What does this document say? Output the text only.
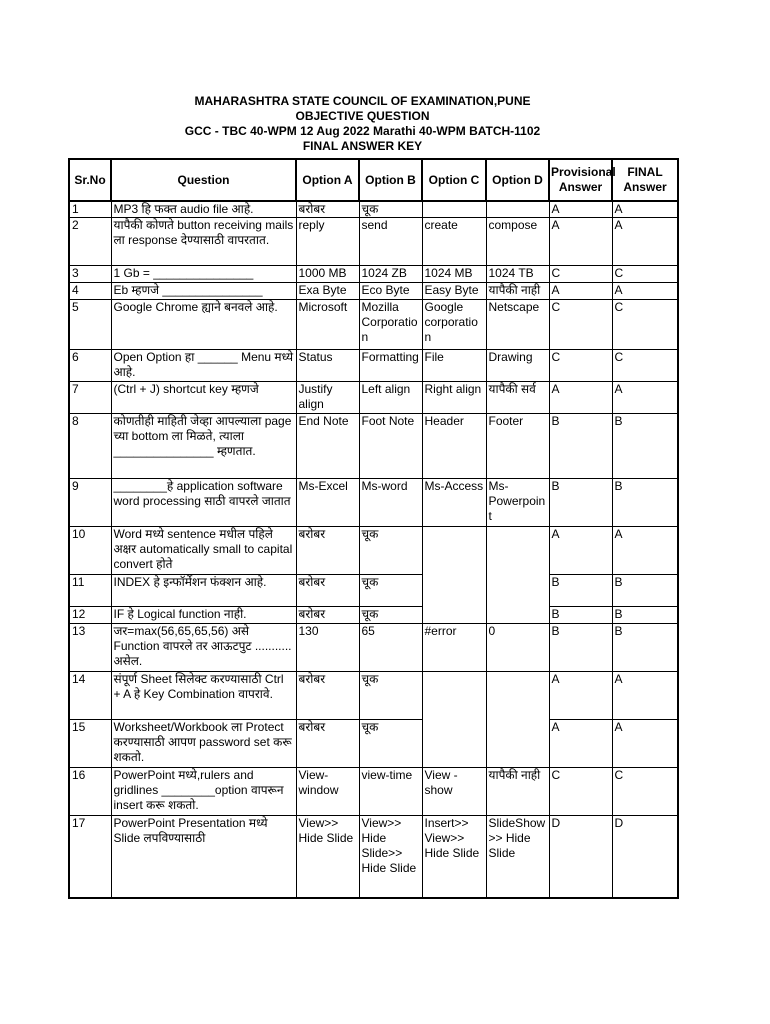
MAHARASHTRA STATE COUNCIL OF EXAMINATION,PUNE
OBJECTIVE QUESTION
GCC - TBC 40-WPM 12 Aug 2022 Marathi 40-WPM BATCH-1102
FINAL ANSWER KEY
Sr.No	Question	Option A	Option B	Option C	Option D	Provisional Answer	FINAL Answer
1	MP3 हि फक्त audio file आहे.	बरोबर	चूक			A	A
2	यापैकी कोणते button receiving mails ला response देण्यासाठी वापरतात.	reply	send	create	compose	A	A
3	1 Gb = _______________	1000 MB	1024 ZB	1024 MB	1024 TB	C	C
4	Eb म्हणजे _______________	Exa Byte	Eco Byte	Easy Byte	यापैकी नाही	A	A
5	Google Chrome ह्याने बनवले आहे.	Microsoft	Mozilla Corporation	Google corporation	Netscape	C	C
6	Open Option हा ______ Menu मध्ये आहे.	Status	Formatting	File	Drawing	C	C
7	(Ctrl + J) shortcut key म्हणजे	Justify align	Left align	Right align	यापैकी सर्व	A	A
8	कोणतीही माहिती जेव्हा आपल्याला page च्या bottom ला मिळते, त्याला _______________ म्हणतात.	End Note	Foot Note	Header	Footer	B	B
9	________हे application software word processing साठी वापरले जातात	Ms-Excel	Ms-word	Ms-Access	Ms-Powerpoint	B	B
10	Word मध्ये sentence मधील पहिले अक्षर automatically small to capital convert होते	बरोबर	चूक			A	A
11	INDEX हे इन्फॉर्मेशन फंक्शन आहे.	बरोबर	चूक			B	B
12	IF हे Logical function नाही.	बरोबर	चूक			B	B
13	जर=max(56,65,65,56) असे Function वापरले तर आऊटपुट ........... असेल.	130	65	#error	0	B	B
14	संपूर्ण Sheet सिलेक्ट करण्यासाठी Ctrl + A हे Key Combination वापरावे.	बरोबर	चूक			A	A
15	Worksheet/Workbook ला Protect करण्यासाठी आपण password set करू शकतो.	बरोबर	चूक			A	A
16	PowerPoint मध्ये,rulers and gridlines ________option वापरून insert करू शकतो.	View-window	view-time	View - show	यापैकी नाही	C	C
17	PowerPoint Presentation मध्ये Slide लपविण्यासाठी	View>> Hide Slide	View>> Hide Slide>> Hide Slide	Insert>> View>> Hide Slide	SlideShow >> Hide Slide	D	D
